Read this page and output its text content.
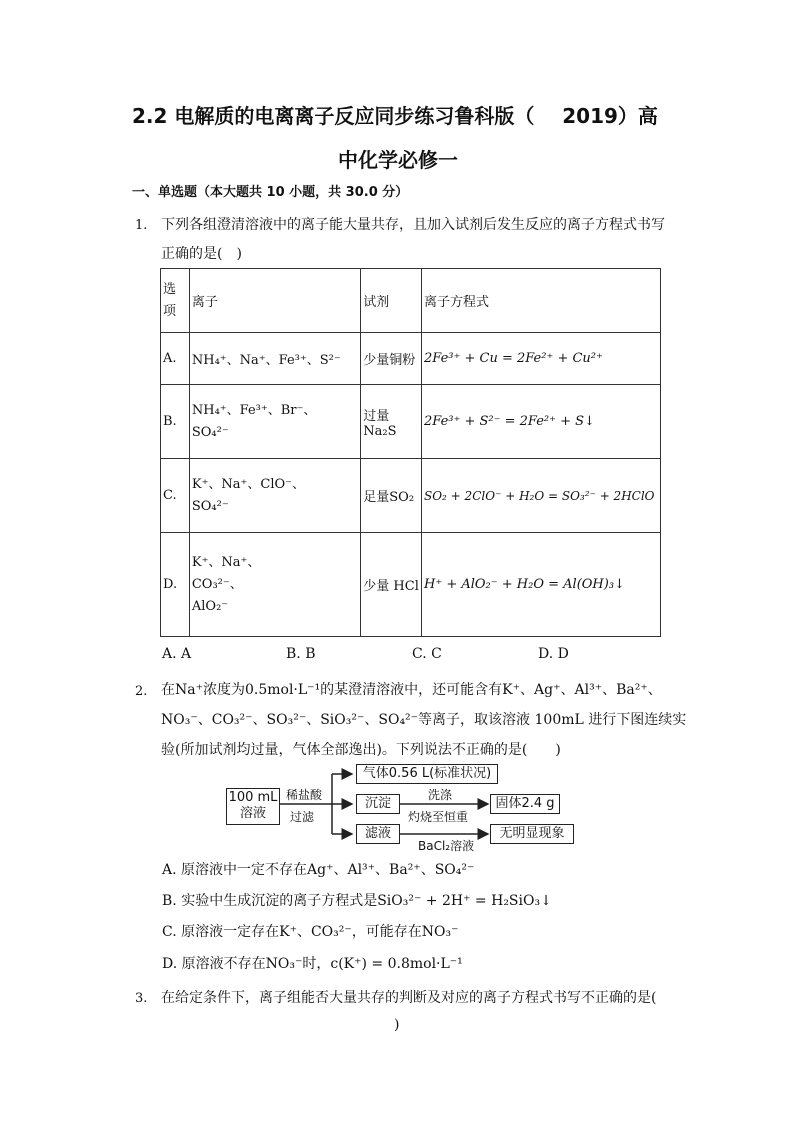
2.2 电解质的电离离子反应同步练习鲁科版（    2019）高
中化学必修一
一、单选题（本大题共 10 小题，共 30.0 分）
1. 下列各组澄清溶液中的离子能大量共存，且加入试剂后发生反应的离子方程式书写
正确的是(　)
选项	离子	试剂	离子方程式
A.	NH₄⁺、Na⁺、Fe³⁺、S²⁻	少量铜粉	2Fe³⁺ + Cu = 2Fe²⁺ + Cu²⁺
B.	NH₄⁺、Fe³⁺、Br⁻、
SO₄²⁻	过量Na₂S	2Fe³⁺ + S²⁻ = 2Fe²⁺ + S↓
C.	K⁺、Na⁺、ClO⁻、
SO₄²⁻	足量SO₂	SO₂ + 2ClO⁻ + H₂O = SO₃²⁻ + 2HClO

D.	K⁺、Na⁺、
CO₃²⁻、
AlO₂⁻	少量 HCl	H⁺ + AlO₂⁻ + H₂O = Al(OH)₃↓
A. A	B. B	C. C	D. D
2. 在Na⁺浓度为0.5mol·L⁻¹的某澄清溶液中，还可能含有K⁺、Ag⁺、Al³⁺、Ba²⁺、
NO₃⁻、CO₃²⁻、SO₃²⁻、SiO₃²⁻、SO₄²⁻等离子，取该溶液 100mL 进行下图连续实
验(所加试剂均过量，气体全部逸出)。下列说法不正确的是(　　)
100 mL
溶液
稀盐酸
过滤
气体0.56 L(标准状况)
沉淀
洗涤
灼烧至恒重
固体2.4 g
滤液
BaCl₂溶液
无明显现象
A. 原溶液中一定不存在Ag⁺、Al³⁺、Ba²⁺、SO₄²⁻
B. 实验中生成沉淀的离子方程式是SiO₃²⁻ + 2H⁺ = H₂SiO₃↓
C. 原溶液一定存在K⁺、CO₃²⁻，可能存在NO₃⁻
D. 原溶液不存在NO₃⁻时，c(K⁺) = 0.8mol·L⁻¹
3. 在给定条件下，离子组能否大量共存的判断及对应的离子方程式书写不正确的是(
)
